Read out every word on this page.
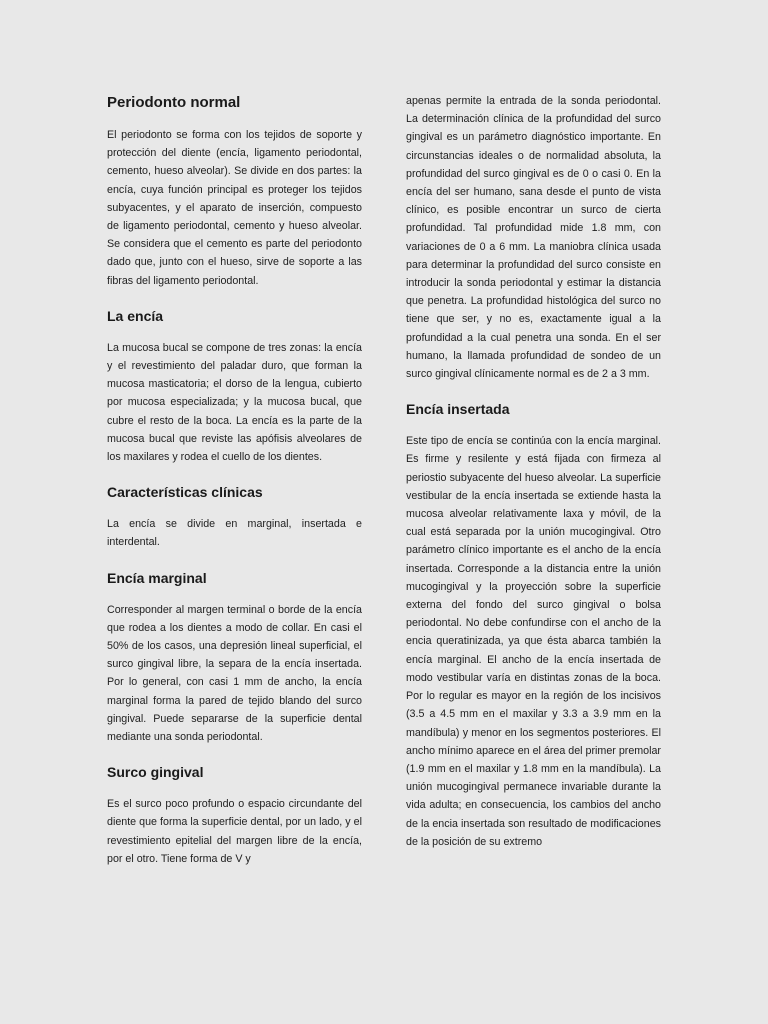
Periodonto normal

El periodonto se forma con los tejidos de soporte y protección del diente (encía, ligamento periodontal, cemento, hueso alveolar). Se divide en dos partes: la encía, cuya función principal es proteger los tejidos subyacentes, y el aparato de inserción, compuesto de ligamento periodontal, cemento y hueso alveolar. Se considera que el cemento es parte del periodonto dado que, junto con el hueso, sirve de soporte a las fibras del ligamento periodontal.

La encía

La mucosa bucal se compone de tres zonas: la encía y el revestimiento del paladar duro, que forman la mucosa masticatoria; el dorso de la lengua, cubierto por mucosa especializada; y la mucosa bucal, que cubre el resto de la boca. La encía es la parte de la mucosa bucal que reviste las apófisis alveolares de los maxilares y rodea el cuello de los dientes.

Características clínicas

La encía se divide en marginal, insertada e interdental.

Encía marginal

Corresponder al margen terminal o borde de la encía que rodea a los dientes a modo de collar. En casi el 50% de los casos, una depresión lineal superficial, el surco gingival libre, la separa de la encía insertada. Por lo general, con casi 1 mm de ancho, la encía marginal forma la pared de tejido blando del surco gingival. Puede separarse de la superficie dental mediante una sonda periodontal.

Surco gingival

Es el surco poco profundo o espacio circundante del diente que forma la superficie dental, por un lado, y el revestimiento epitelial del margen libre de la encía, por el otro. Tiene forma de V y

apenas permite la entrada de la sonda periodontal. La determinación clínica de la profundidad del surco gingival es un parámetro diagnóstico importante. En circunstancias ideales o de normalidad absoluta, la profundidad del surco gingival es de 0 o casi 0. En la encía del ser humano, sana desde el punto de vista clínico, es posible encontrar un surco de cierta profundidad. Tal profundidad mide 1.8 mm, con variaciones de 0 a 6 mm. La maniobra clínica usada para determinar la profundidad del surco consiste en introducir la sonda periodontal y estimar la distancia que penetra. La profundidad histológica del surco no tiene que ser, y no es, exactamente igual a la profundidad a la cual penetra una sonda. En el ser humano, la llamada profundidad de sondeo de un surco gingival clínicamente normal es de 2 a 3 mm.

Encía insertada

Este tipo de encía se continúa con la encía marginal. Es firme y resilente y está fijada con firmeza al periostio subyacente del hueso alveolar. La superficie vestibular de la encía insertada se extiende hasta la mucosa alveolar relativamente laxa y móvil, de la cual está separada por la unión mucogingival. Otro parámetro clínico importante es el ancho de la encía insertada. Corresponde a la distancia entre la unión mucogingival y la proyección sobre la superficie externa del fondo del surco gingival o bolsa periodontal. No debe confundirse con el ancho de la encia queratinizada, ya que ésta abarca también la encía marginal. El ancho de la encía insertada de modo vestibular varía en distintas zonas de la boca. Por lo regular es mayor en la región de los incisivos (3.5 a 4.5 mm en el maxilar y 3.3 a 3.9 mm en la mandíbula) y menor en los segmentos posteriores. El ancho mínimo aparece en el área del primer premolar (1.9 mm en el maxilar y 1.8 mm en la mandíbula). La unión mucogingival permanece invariable durante la vida adulta; en consecuencia, los cambios del ancho de la encia insertada son resultado de modificaciones de la posición de su extremo
